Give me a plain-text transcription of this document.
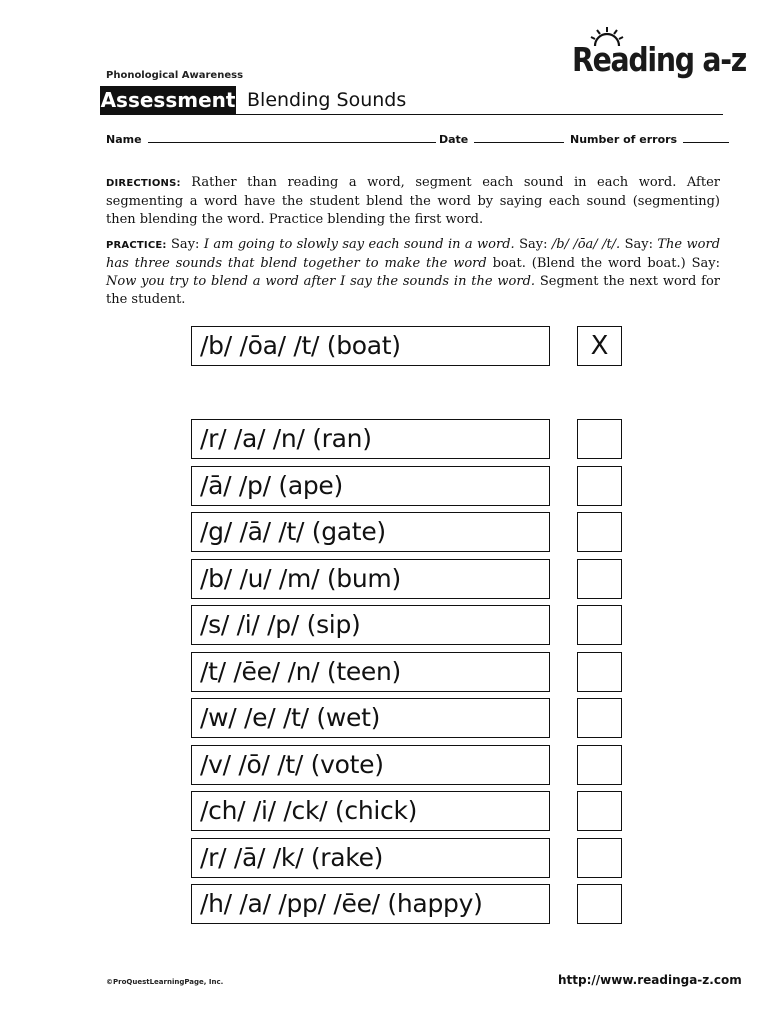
Reading a-z
Phonological Awareness
Assessment Blending Sounds
Name	Date	Number of errors
DIRECTIONS: Rather than reading a word, segment each sound in each word. After segmenting a word have the student blend the word by saying each sound (segmenting) then blending the word. Practice blending the first word.
PRACTICE: Say: I am going to slowly say each sound in a word. Say: /b/ /ōa/ /t/. Say: The word has three sounds that blend together to make the word boat. (Blend the word boat.) Say: Now you try to blend a word after I say the sounds in the word. Segment the next word for the student.
/b/ /ōa/ /t/ (boat)	X
/r/ /a/ /n/ (ran)
/ā/ /p/ (ape)
/g/ /ā/ /t/ (gate)
/b/ /u/ /m/ (bum)
/s/ /i/ /p/ (sip)
/t/ /ēe/ /n/ (teen)
/w/ /e/ /t/ (wet)
/v/ /ō/ /t/ (vote)
/ch/ /i/ /ck/ (chick)
/r/ /ā/ /k/ (rake)
/h/ /a/ /pp/ /ēe/ (happy)
©ProQuestLearningPage, Inc.	http://www.readinga-z.com
